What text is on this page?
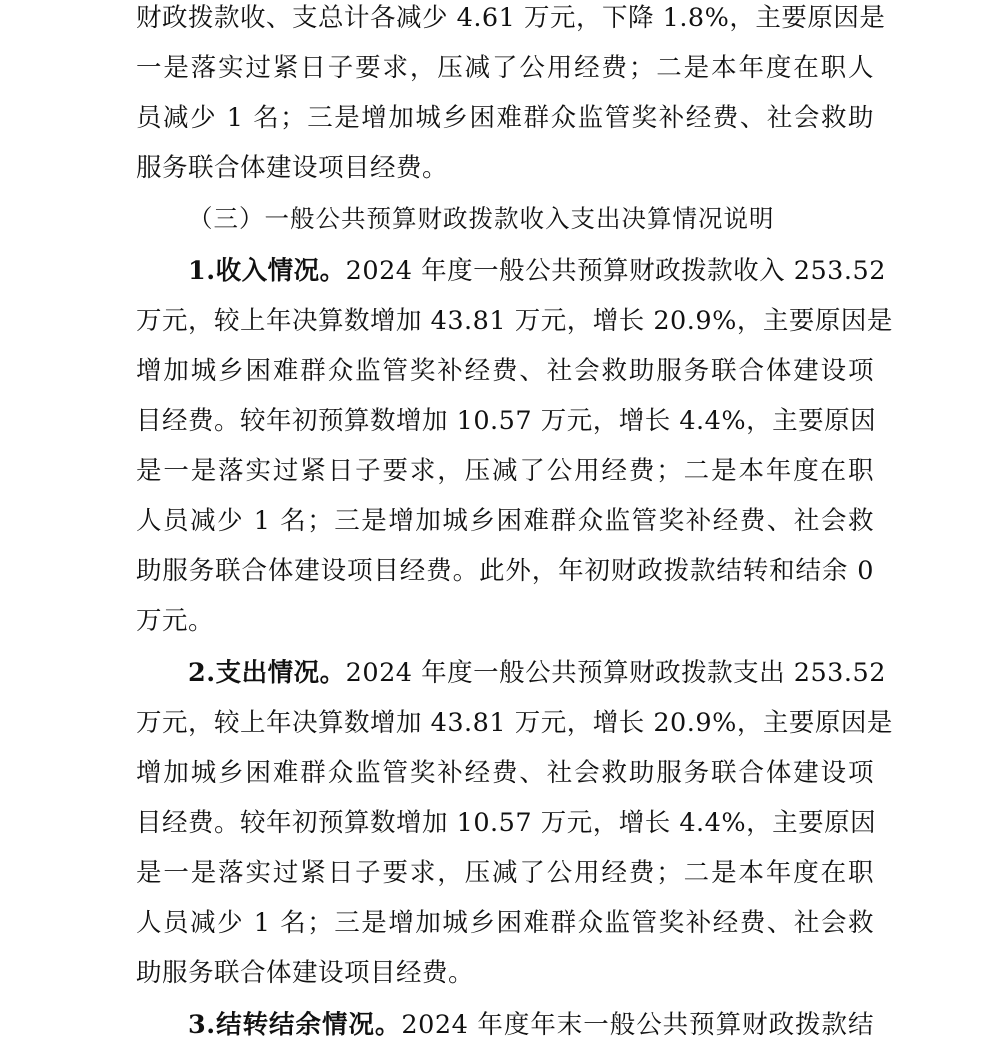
财政拨款收、支总计各减少 4.61 万元，下降 1.8%，主要原因是
一是落实过紧日子要求，压减了公用经费；二是本年度在职人
员减少 1 名；三是增加城乡困难群众监管奖补经费、社会救助
服务联合体建设项目经费。
（三）一般公共预算财政拨款收入支出决算情况说明
1.收入情况。2024 年度一般公共预算财政拨款收入 253.52
万元，较上年决算数增加 43.81 万元，增长 20.9%，主要原因是
增加城乡困难群众监管奖补经费、社会救助服务联合体建设项
目经费。较年初预算数增加 10.57 万元，增长 4.4%，主要原因
是一是落实过紧日子要求，压减了公用经费；二是本年度在职
人员减少 1 名；三是增加城乡困难群众监管奖补经费、社会救
助服务联合体建设项目经费。此外，年初财政拨款结转和结余 0
万元。
2.支出情况。2024 年度一般公共预算财政拨款支出 253.52
万元，较上年决算数增加 43.81 万元，增长 20.9%，主要原因是
增加城乡困难群众监管奖补经费、社会救助服务联合体建设项
目经费。较年初预算数增加 10.57 万元，增长 4.4%，主要原因
是一是落实过紧日子要求，压减了公用经费；二是本年度在职
人员减少 1 名；三是增加城乡困难群众监管奖补经费、社会救
助服务联合体建设项目经费。
3.结转结余情况。2024 年度年末一般公共预算财政拨款结
